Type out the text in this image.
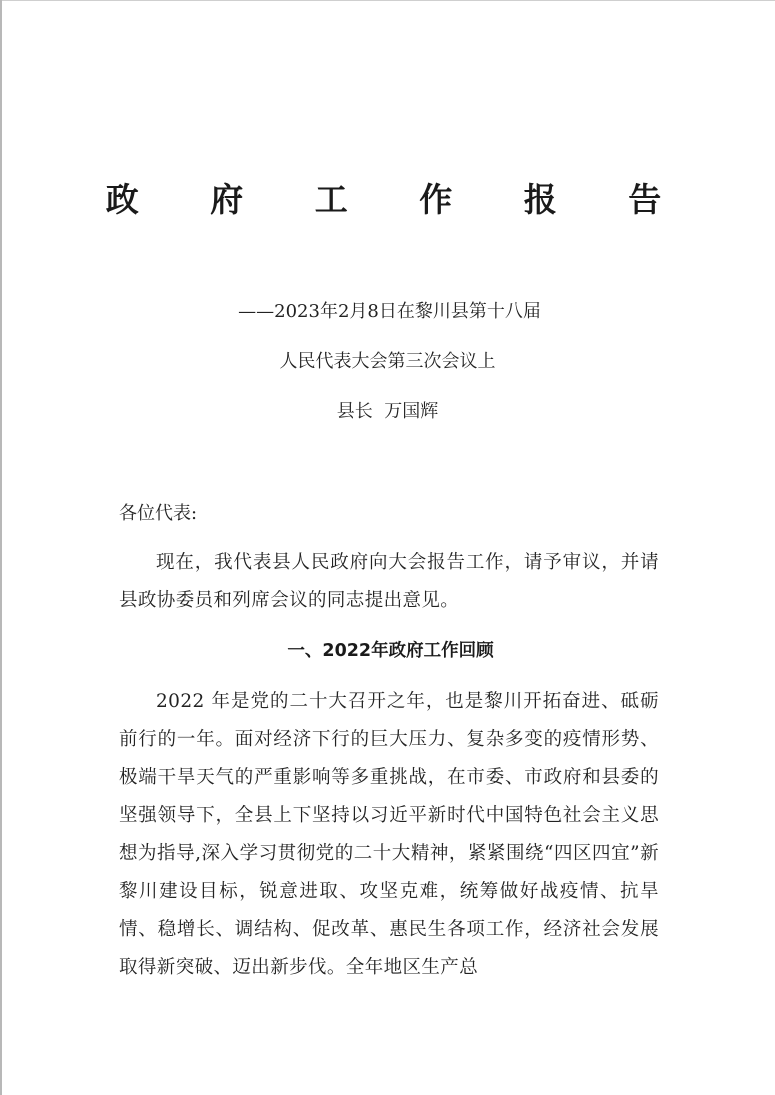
政 府 工 作 报 告
——2023年2月8日在黎川县第十八届
人民代表大会第三次会议上
县长  万国辉
各位代表:
现在，我代表县人民政府向大会报告工作，请予审议，并请县政协委员和列席会议的同志提出意见。
一、2022年政府工作回顾
2022 年是党的二十大召开之年，也是黎川开拓奋进、砥砺前行的一年。面对经济下行的巨大压力、复杂多变的疫情形势、极端干旱天气的严重影响等多重挑战，在市委、市政府和县委的坚强领导下，全县上下坚持以习近平新时代中国特色社会主义思想为指导,深入学习贯彻党的二十大精神，紧紧围绕“四区四宜”新黎川建设目标，锐意进取、攻坚克难，统筹做好战疫情、抗旱情、稳增长、调结构、促改革、惠民生各项工作，经济社会发展取得新突破、迈出新步伐。全年地区生产总
